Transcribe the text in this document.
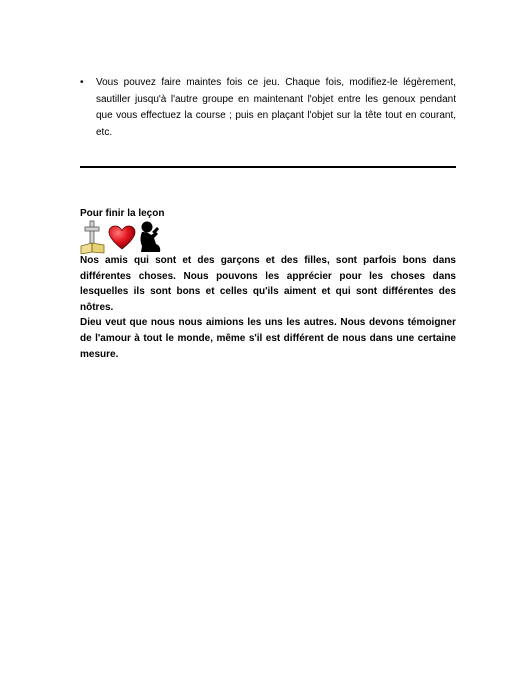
• Vous pouvez faire maintes fois ce jeu. Chaque fois, modifiez-le légèrement, sautiller jusqu'à l'autre groupe en maintenant l'objet entre les genoux pendant que vous effectuez la course ; puis en plaçant l'objet sur la tête tout en courant, etc.
Pour finir la leçon

Nos amis qui sont et des garçons et des filles, sont parfois bons dans différentes choses. Nous pouvons les apprécier pour les choses dans lesquelles ils sont bons et celles qu'ils aiment et qui sont différentes des nôtres.

Dieu veut que nous nous aimions les uns les autres. Nous devons témoigner de l'amour à tout le monde, même s'il est différent de nous dans une certaine mesure.
